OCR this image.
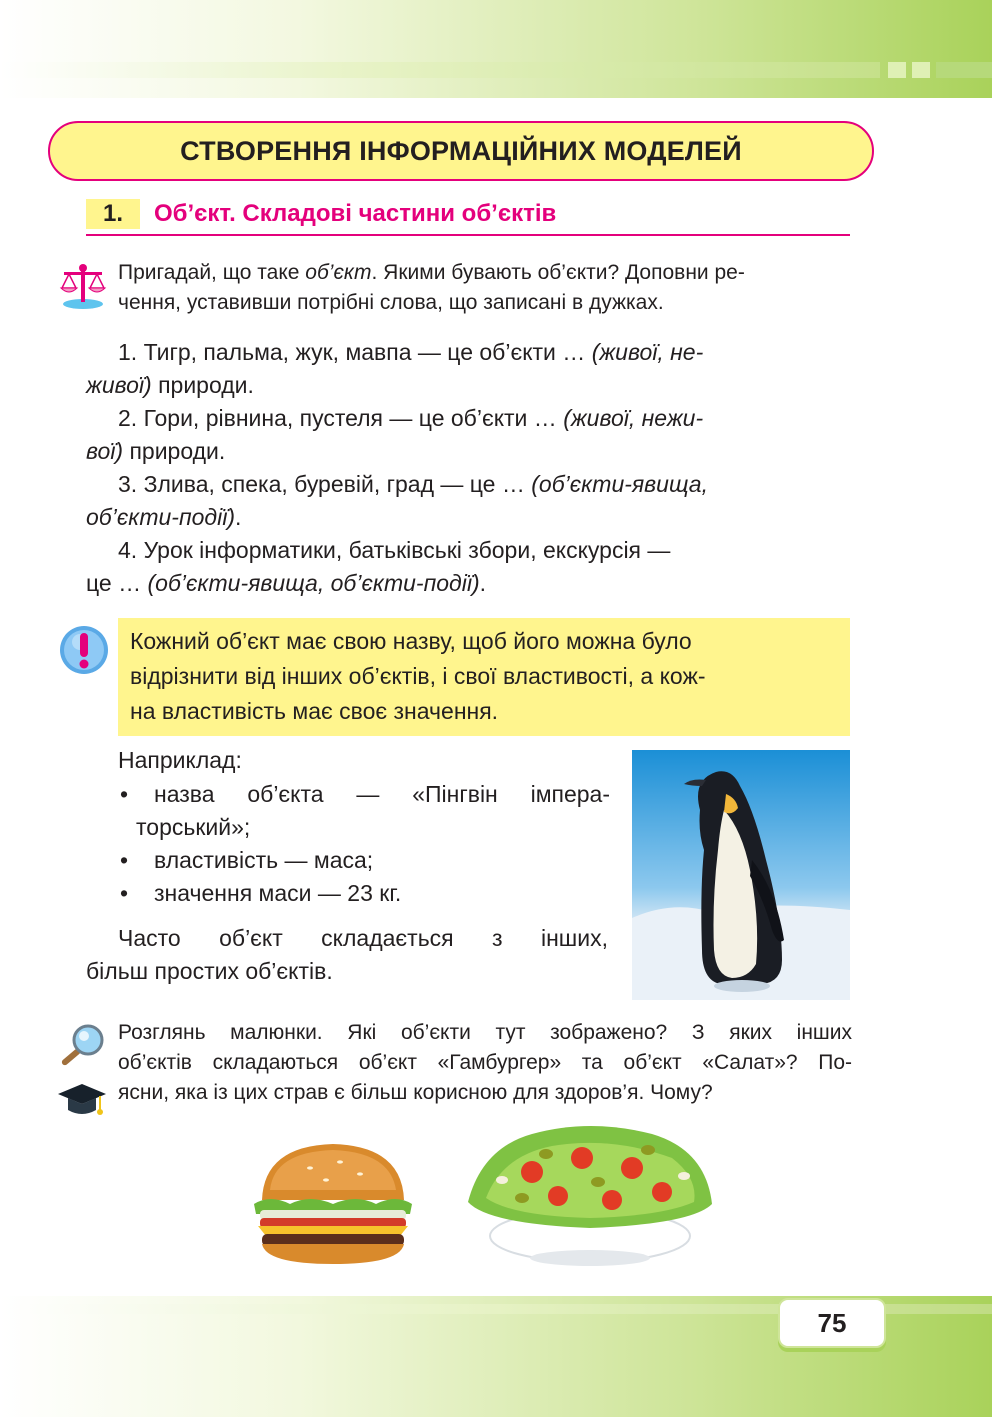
СТВОРЕННЯ ІНФОРМАЦІЙНИХ МОДЕЛЕЙ
1.	Об’єкт. Складові частини об’єктів
Пригадай, що таке об’єкт. Якими бувають об’єкти? Доповни ре-
чення, уставивши потрібні слова, що записані в дужках.
1. Тигр, пальма, жук, мавпа — це об’єкти … (живої, не-
живої) природи.
2. Гори, рівнина, пустеля — це об’єкти … (живої, нежи-
вої) природи.
3. Злива, спека, буревій, град — це … (об’єкти-явища,
об’єкти-події).
4. Урок інформатики, батьківські збори, екскурсія —
це … (об’єкти-явища, об’єкти-події).
Кожний об’єкт має свою назву, щоб його можна було
відрізнити від інших об’єктів, і свої властивості, а кож-
на властивість має своє значення.
Наприклад:
• назва об’єкта — «Пінгвін імпера-
торський»;
• властивість — маса;
• значення маси — 23 кг.
Часто об’єкт складається з інших,
більш простих об’єктів.
Розглянь малюнки. Які об’єкти тут зображено? З яких інших
об’єктів складаються об’єкт «Гамбургер» та об’єкт «Салат»? По-
ясни, яка із цих страв є більш корисною для здоров’я. Чому?
75
